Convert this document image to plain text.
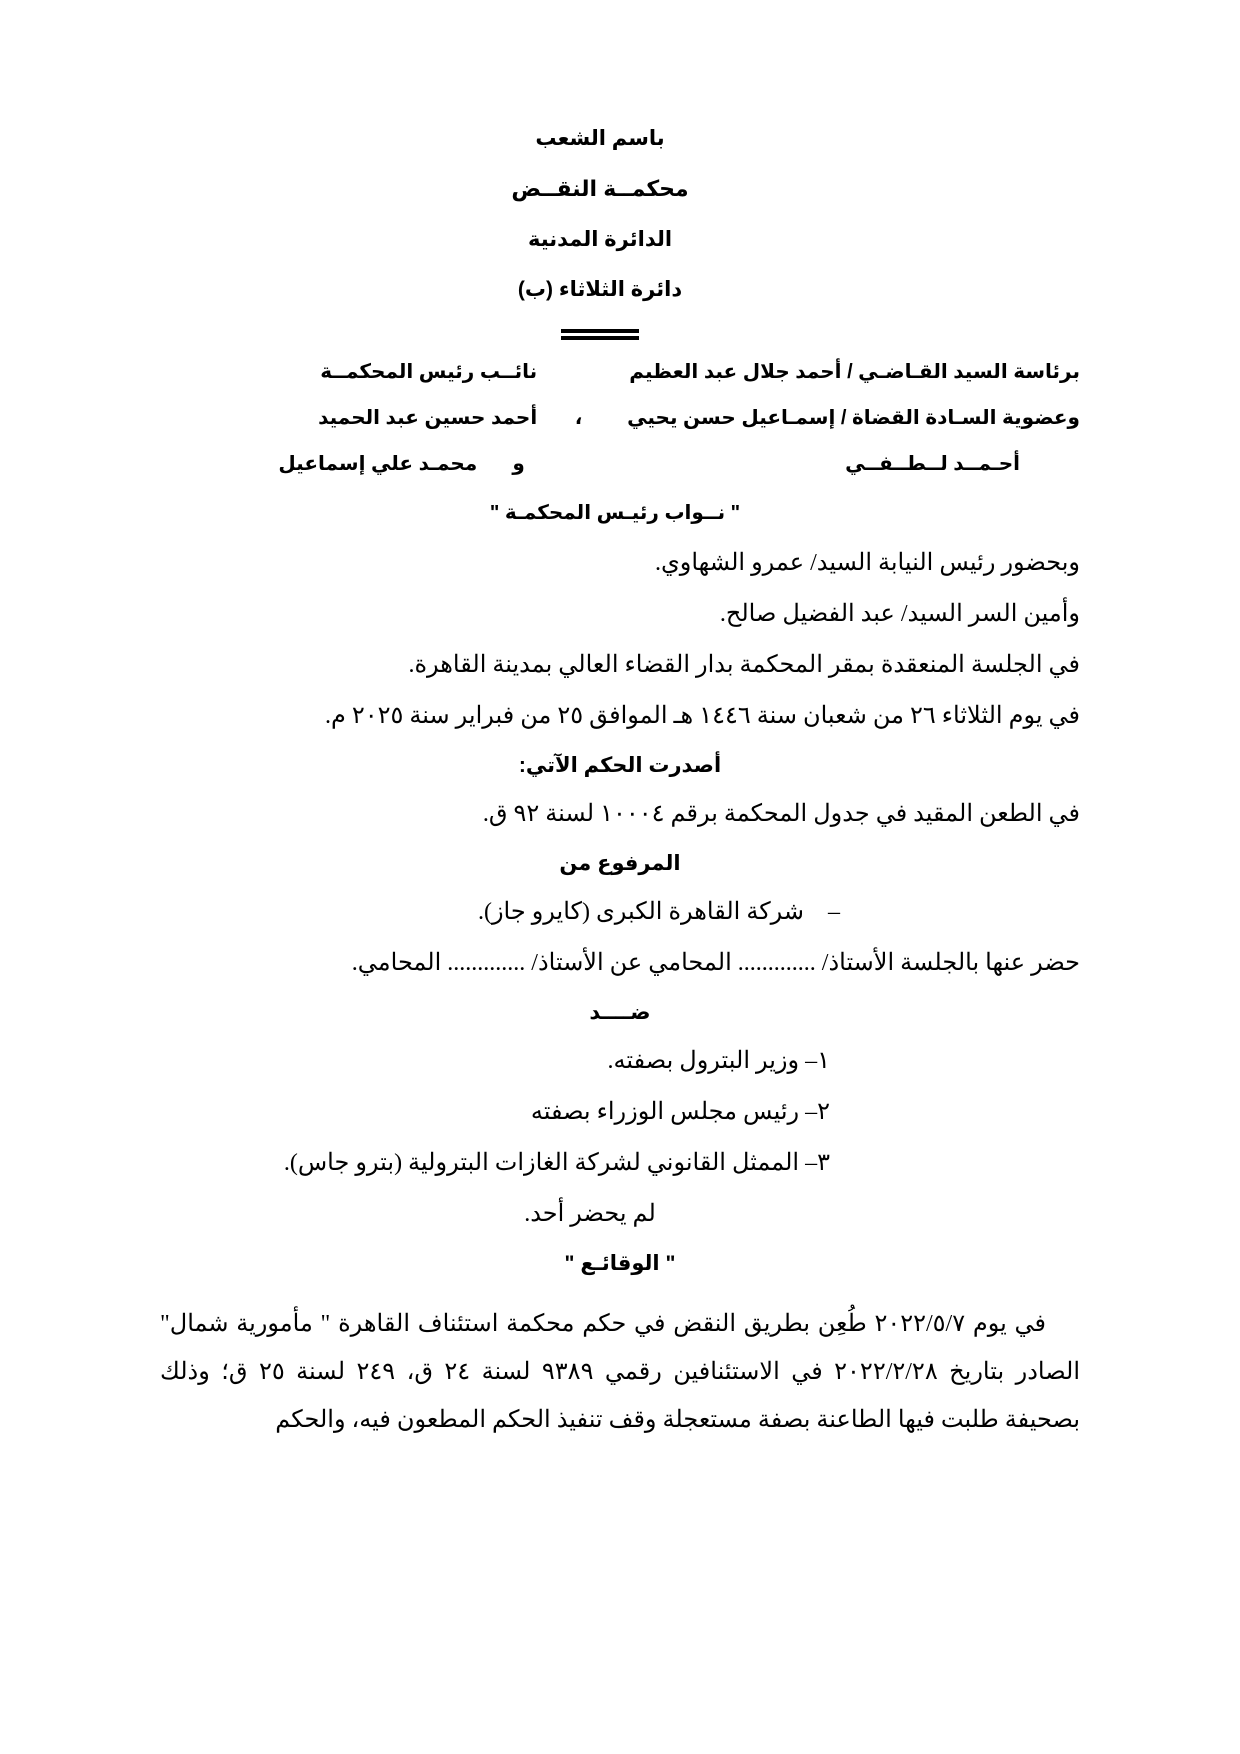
باسم الشعب
محكمــة النقــض
الدائرة المدنية
دائرة الثلاثاء (ب)
برئاسة السيد القـاضـي / أحمد جلال عبد العظيم
نائــب رئيس المحكمــة
وعضوية السـادة القضاة / إسمـاعيل حسن يحيي
،
أحمد حسين عبد الحميد
أحـمــد لــطــفــي
و
محمـد علي إسماعيل
" نــواب رئيـس المحكمـة "
وبحضور رئيس النيابة السيد/ عمرو الشهاوي.
وأمين السر السيد/ عبد الفضيل صالح.
في الجلسة المنعقدة بمقر المحكمة بدار القضاء العالي بمدينة القاهرة.
في يوم الثلاثاء ٢٦ من شعبان سنة ١٤٤٦ هـ الموافق ٢٥ من فبراير سنة ٢٠٢٥ م.
أصدرت الحكم الآتي:
في الطعن المقيد في جدول المحكمة برقم ١٠٠٠٤ لسنة ٩٢ ق.
المرفوع من
–    شركة القاهرة الكبرى (كايرو جاز).
حضر عنها بالجلسة الأستاذ/ ............. المحامي عن الأستاذ/ ............. المحامي.
ضــــد
١– وزير البترول بصفته.
٢– رئيس مجلس الوزراء بصفته
٣– الممثل القانوني لشركة الغازات البترولية (بترو جاس).
لم يحضر أحد.
" الوقائـع "
في يوم ٢٠٢٢/٥/٧ طُعِن بطريق النقض في حكم محكمة استئناف القاهرة " مأمورية شمال" الصادر بتاريخ ٢٠٢٢/٢/٢٨ في الاستئنافين رقمي ٩٣٨٩ لسنة ٢٤ ق، ٢٤٩ لسنة ٢٥ ق؛ وذلك بصحيفة طلبت فيها الطاعنة بصفة مستعجلة وقف تنفيذ الحكم المطعون فيه، والحكم
